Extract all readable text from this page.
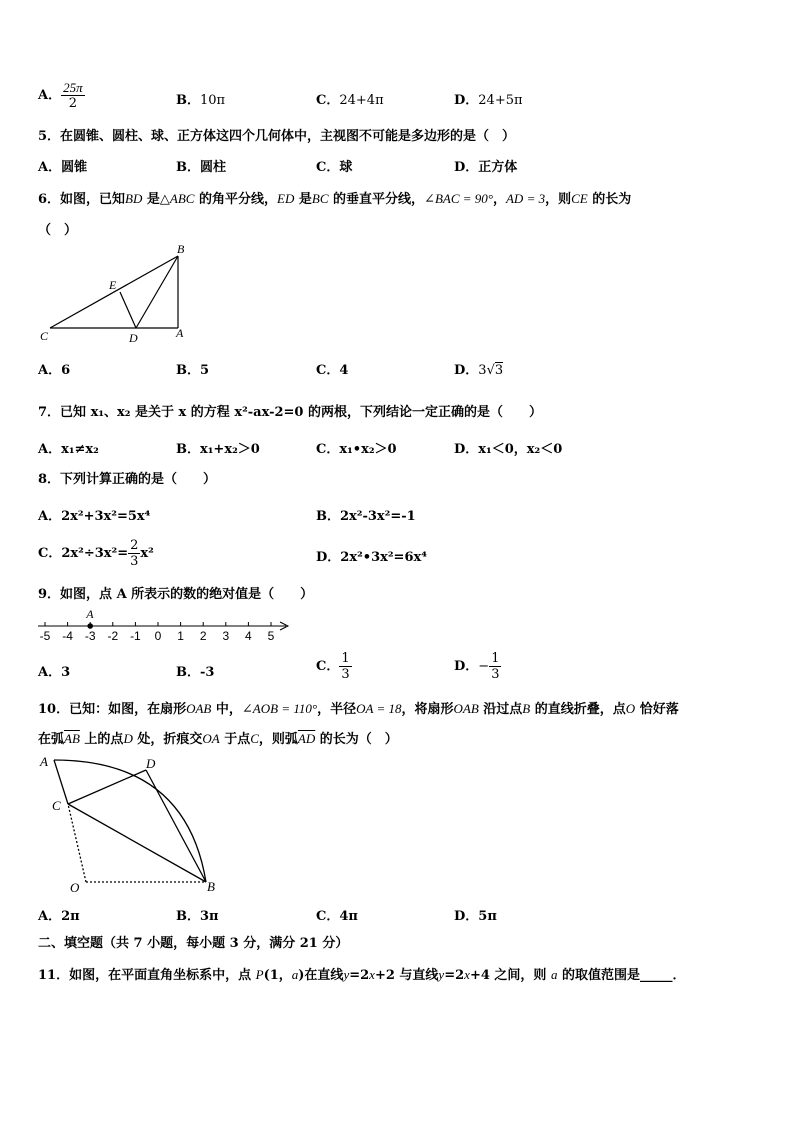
A． $\frac{25\pi}{2}$	B．10π	C．24+4π	D．24+5π
5．在圆锥、圆柱、球、正方体这四个几何体中，主视图不可能是多边形的是（　）
A．圆锥	B．圆柱	C．球	D．正方体
6．如图，已知BD 是△ABC 的角平分线，ED 是BC 的垂直平分线，∠BAC = 90°，AD = 3，则CE 的长为
（　）
B
E
C	D	A
A．6	B．5	C．4	D．3√3
7．已知 x₁、x₂ 是关于 x 的方程 x²-ax-2=0 的两根，下列结论一定正确的是（　　）
A．x₁≠x₂	B．x₁+x₂＞0	C．x₁•x₂＞0	D．x₁＜0，x₂＜0
8．下列计算正确的是（　　）
A．2x²+3x²=5x⁴	B．2x²-3x²=-1
C．$2x^2\div 3x^2= \frac{2}{3} x^2$	D．2x²•3x²=6x⁴
9．如图，点 A 所表示的数的绝对值是（　　）
-5 -4 -3 -2 -1 0 1 2 3 4 5
A
A．3	B．-3	C． $\frac{1}{3}$	D．− $\frac{1}{3}$
10．已知：如图，在扇形OAB 中，∠AOB = 110°，半径OA = 18，将扇形OAB 沿过点B 的直线折叠，点O 恰好落
在弧$\overline{AB}$ 上的点D 处，折痕交OA 于点C，则弧$\overline{AD}$ 的长为（　）
A	D
C
O	B
A．2π	B．3π	C．4π	D．5π
二、填空题（共 7 小题，每小题 3 分，满分 21 分）
11．如图，在平面直角坐标系中，点 P(1，a)在直线y=2x+2 与直线y=2x+4 之间，则 a 的取值范围是_____．
